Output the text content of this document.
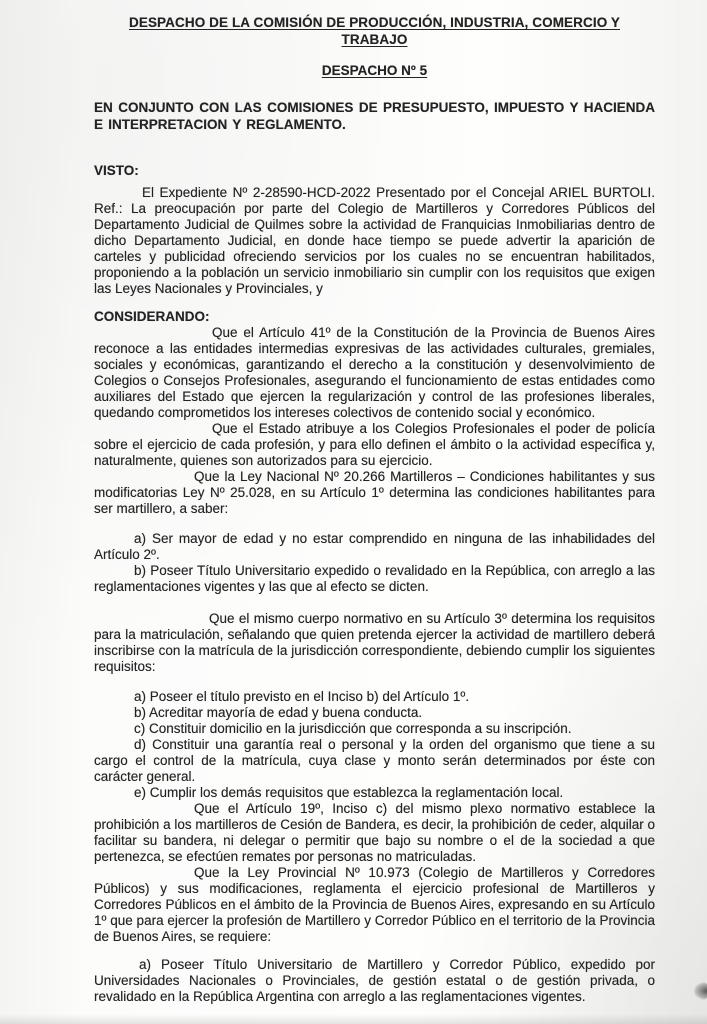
DESPACHO DE LA COMISIÓN DE PRODUCCIÓN, INDUSTRIA, COMERCIO Y TRABAJO

DESPACHO Nº 5

EN CONJUNTO CON LAS COMISIONES DE PRESUPUESTO, IMPUESTO Y HACIENDA E INTERPRETACION Y REGLAMENTO.

VISTO:

El Expediente Nº 2-28590-HCD-2022 Presentado por el Concejal ARIEL BURTOLI. Ref.: La preocupación por parte del Colegio de Martilleros y Corredores Públicos del Departamento Judicial de Quilmes sobre la actividad de Franquicias Inmobiliarias dentro de dicho Departamento Judicial, en donde hace tiempo se puede advertir la aparición de carteles y publicidad ofreciendo servicios por los cuales no se encuentran habilitados, proponiendo a la población un servicio inmobiliario sin cumplir con los requisitos que exigen las Leyes Nacionales y Provinciales, y

CONSIDERANDO:

Que el Artículo 41º de la Constitución de la Provincia de Buenos Aires reconoce a las entidades intermedias expresivas de las actividades culturales, gremiales, sociales y económicas, garantizando el derecho a la constitución y desenvolvimiento de Colegios o Consejos Profesionales, asegurando el funcionamiento de estas entidades como auxiliares del Estado que ejercen la regularización y control de las profesiones liberales, quedando comprometidos los intereses colectivos de contenido social y económico.

Que el Estado atribuye a los Colegios Profesionales el poder de policía sobre el ejercicio de cada profesión, y para ello definen el ámbito o la actividad específica y, naturalmente, quienes son autorizados para su ejercicio.

Que la Ley Nacional Nº 20.266 Martilleros – Condiciones habilitantes y sus modificatorias Ley Nº 25.028, en su Artículo 1º determina las condiciones habilitantes para ser martillero, a saber:

a) Ser mayor de edad y no estar comprendido en ninguna de las inhabilidades del Artículo 2º.

b) Poseer Título Universitario expedido o revalidado en la República, con arreglo a las reglamentaciones vigentes y las que al efecto se dicten.

Que el mismo cuerpo normativo en su Artículo 3º determina los requisitos para la matriculación, señalando que quien pretenda ejercer la actividad de martillero deberá inscribirse con la matrícula de la jurisdicción correspondiente, debiendo cumplir los siguientes requisitos:

a) Poseer el título previsto en el Inciso b) del Artículo 1º.

b) Acreditar mayoría de edad y buena conducta.

c) Constituir domicilio en la jurisdicción que corresponda a su inscripción.

d) Constituir una garantía real o personal y la orden del organismo que tiene a su cargo el control de la matrícula, cuya clase y monto serán determinados por éste con carácter general.

e) Cumplir los demás requisitos que establezca la reglamentación local.

Que el Artículo 19º, Inciso c) del mismo plexo normativo establece la prohibición a los martilleros de Cesión de Bandera, es decir, la prohibición de ceder, alquilar o facilitar su bandera, ni delegar o permitir que bajo su nombre o el de la sociedad a que pertenezca, se efectúen remates por personas no matriculadas.

Que la Ley Provincial Nº 10.973 (Colegio de Martilleros y Corredores Públicos) y sus modificaciones, reglamenta el ejercicio profesional de Martilleros y Corredores Públicos en el ámbito de la Provincia de Buenos Aires, expresando en su Artículo 1º que para ejercer la profesión de Martillero y Corredor Público en el territorio de la Provincia de Buenos Aires, se requiere:

a) Poseer Título Universitario de Martillero y Corredor Público, expedido por Universidades Nacionales o Provinciales, de gestión estatal o de gestión privada, o revalidado en la República Argentina con arreglo a las reglamentaciones vigentes.
